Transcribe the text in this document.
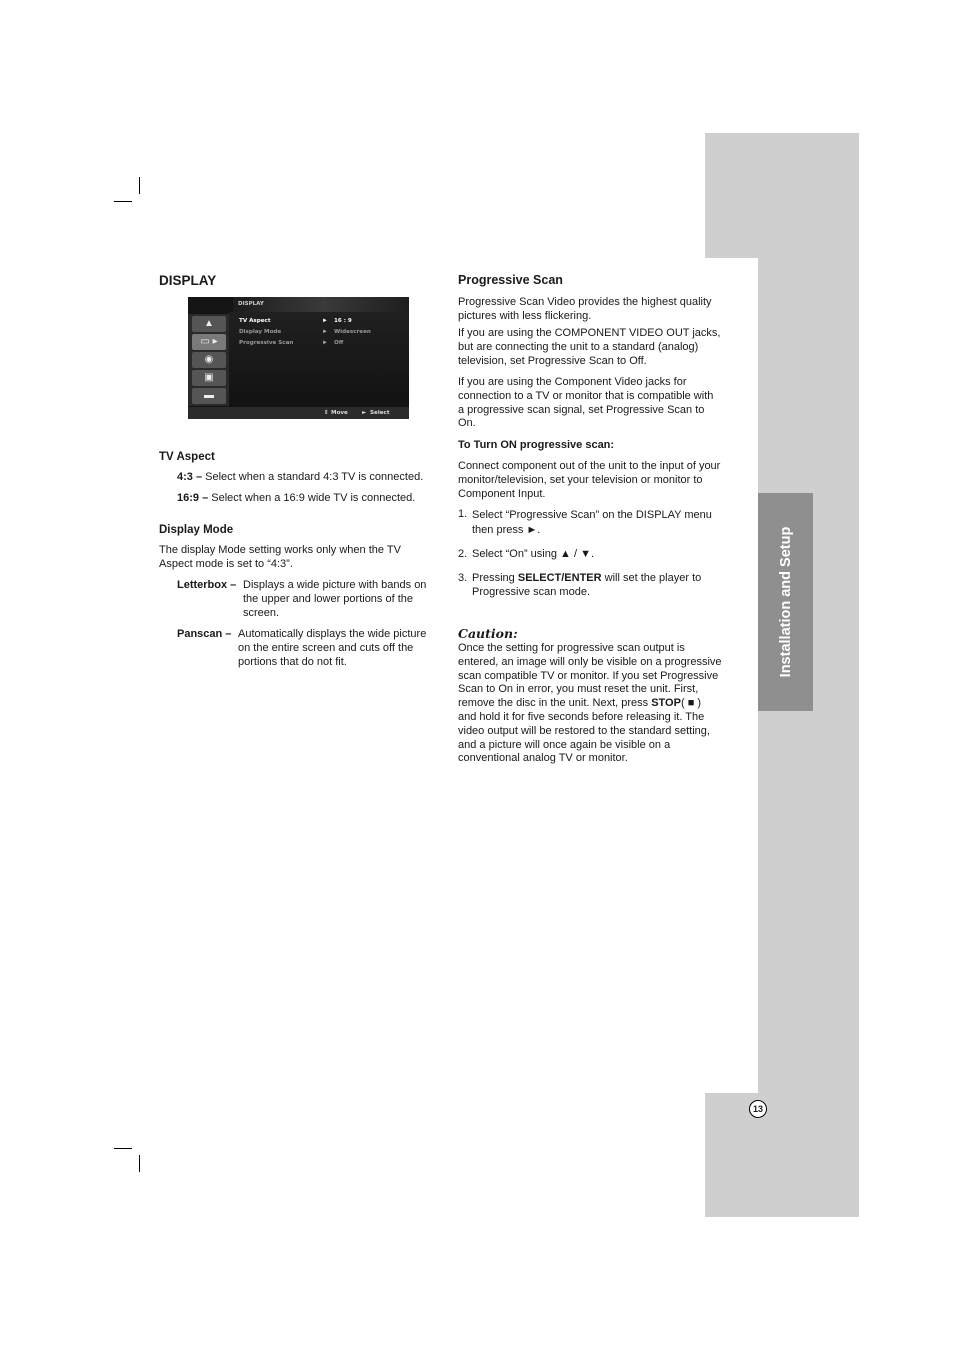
Installation and Setup
13
DISPLAY
DISPLAY
▲
▭ ▸
◉
▣
▬
TV Aspect
Display Mode
Progressive Scan
►
►
►
16 : 9
Widescreen
Off
⇕ Move	► Select
TV Aspect
4:3 – Select when a standard 4:3 TV is connected.
16:9 – Select when a 16:9 wide TV is connected.
Display Mode
The display Mode setting works only when the TV
Aspect mode is set to “4:3”.
Letterbox – Displays a wide picture with bands on
the upper and lower portions of the
screen.
Panscan – Automatically displays the wide picture
on the entire screen and cuts off the
portions that do not fit.
Progressive Scan
Progressive Scan Video provides the highest quality
pictures with less flickering.
If you are using the COMPONENT VIDEO OUT jacks,
but are connecting the unit to a standard (analog)
television, set Progressive Scan to Off.
If you are using the Component Video jacks for
connection to a TV or monitor that is compatible with
a progressive scan signal, set Progressive Scan to
On.
To Turn ON progressive scan:
Connect component out of the unit to the input of your
monitor/television, set your television or monitor to
Component Input.
1. Select “Progressive Scan” on the DISPLAY menu
then press ►.
2. Select “On” using ▲ / ▼.
3. Pressing SELECT/ENTER will set the player to
Progressive scan mode.
Caution:
Once the setting for progressive scan output is
entered, an image will only be visible on a progressive
scan compatible TV or monitor. If you set Progressive
Scan to On in error, you must reset the unit. First,
remove the disc in the unit. Next, press STOP( ■ )
and hold it for five seconds before releasing it. The
video output will be restored to the standard setting,
and a picture will once again be visible on a
conventional analog TV or monitor.
